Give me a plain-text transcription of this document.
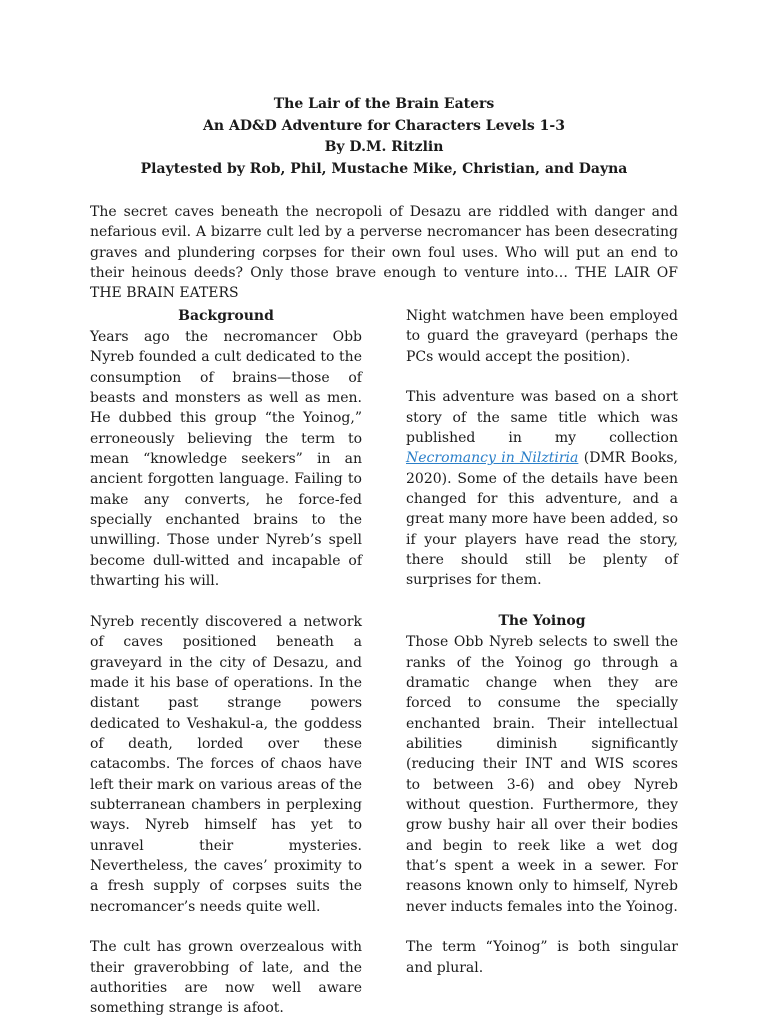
The Lair of the Brain Eaters
An AD&D Adventure for Characters Levels 1-3
By D.M. Ritzlin
Playtested by Rob, Phil, Mustache Mike, Christian, and Dayna

The secret caves beneath the necropoli of Desazu are riddled with danger and nefarious evil. A bizarre cult led by a perverse necromancer has been desecrating graves and plundering corpses for their own foul uses. Who will put an end to their heinous deeds? Only those brave enough to venture into… THE LAIR OF THE BRAIN EATERS

Background

Years ago the necromancer Obb Nyreb founded a cult dedicated to the consumption of brains—those of beasts and monsters as well as men. He dubbed this group “the Yoinog,” erroneously believing the term to mean “knowledge seekers” in an ancient forgotten language. Failing to make any converts, he force-fed specially enchanted brains to the unwilling. Those under Nyreb’s spell become dull-witted and incapable of thwarting his will.

Nyreb recently discovered a network of caves positioned beneath a graveyard in the city of Desazu, and made it his base of operations. In the distant past strange powers dedicated to Veshakul-a, the goddess of death, lorded over these catacombs. The forces of chaos have left their mark on various areas of the subterranean chambers in perplexing ways. Nyreb himself has yet to unravel their mysteries. Nevertheless, the caves’ proximity to a fresh supply of corpses suits the necromancer’s needs quite well.

The cult has grown overzealous with their graverobbing of late, and the authorities are now well aware something strange is afoot.

Night watchmen have been employed to guard the graveyard (perhaps the PCs would accept the position).

This adventure was based on a short story of the same title which was published in my collection Necromancy in Nilztiria (DMR Books, 2020). Some of the details have been changed for this adventure, and a great many more have been added, so if your players have read the story, there should still be plenty of surprises for them.

The Yoinog

Those Obb Nyreb selects to swell the ranks of the Yoinog go through a dramatic change when they are forced to consume the specially enchanted brain. Their intellectual abilities diminish significantly (reducing their INT and WIS scores to between 3-6) and obey Nyreb without question. Furthermore, they grow bushy hair all over their bodies and begin to reek like a wet dog that’s spent a week in a sewer. For reasons known only to himself, Nyreb never inducts females into the Yoinog.

The term “Yoinog” is both singular and plural.
